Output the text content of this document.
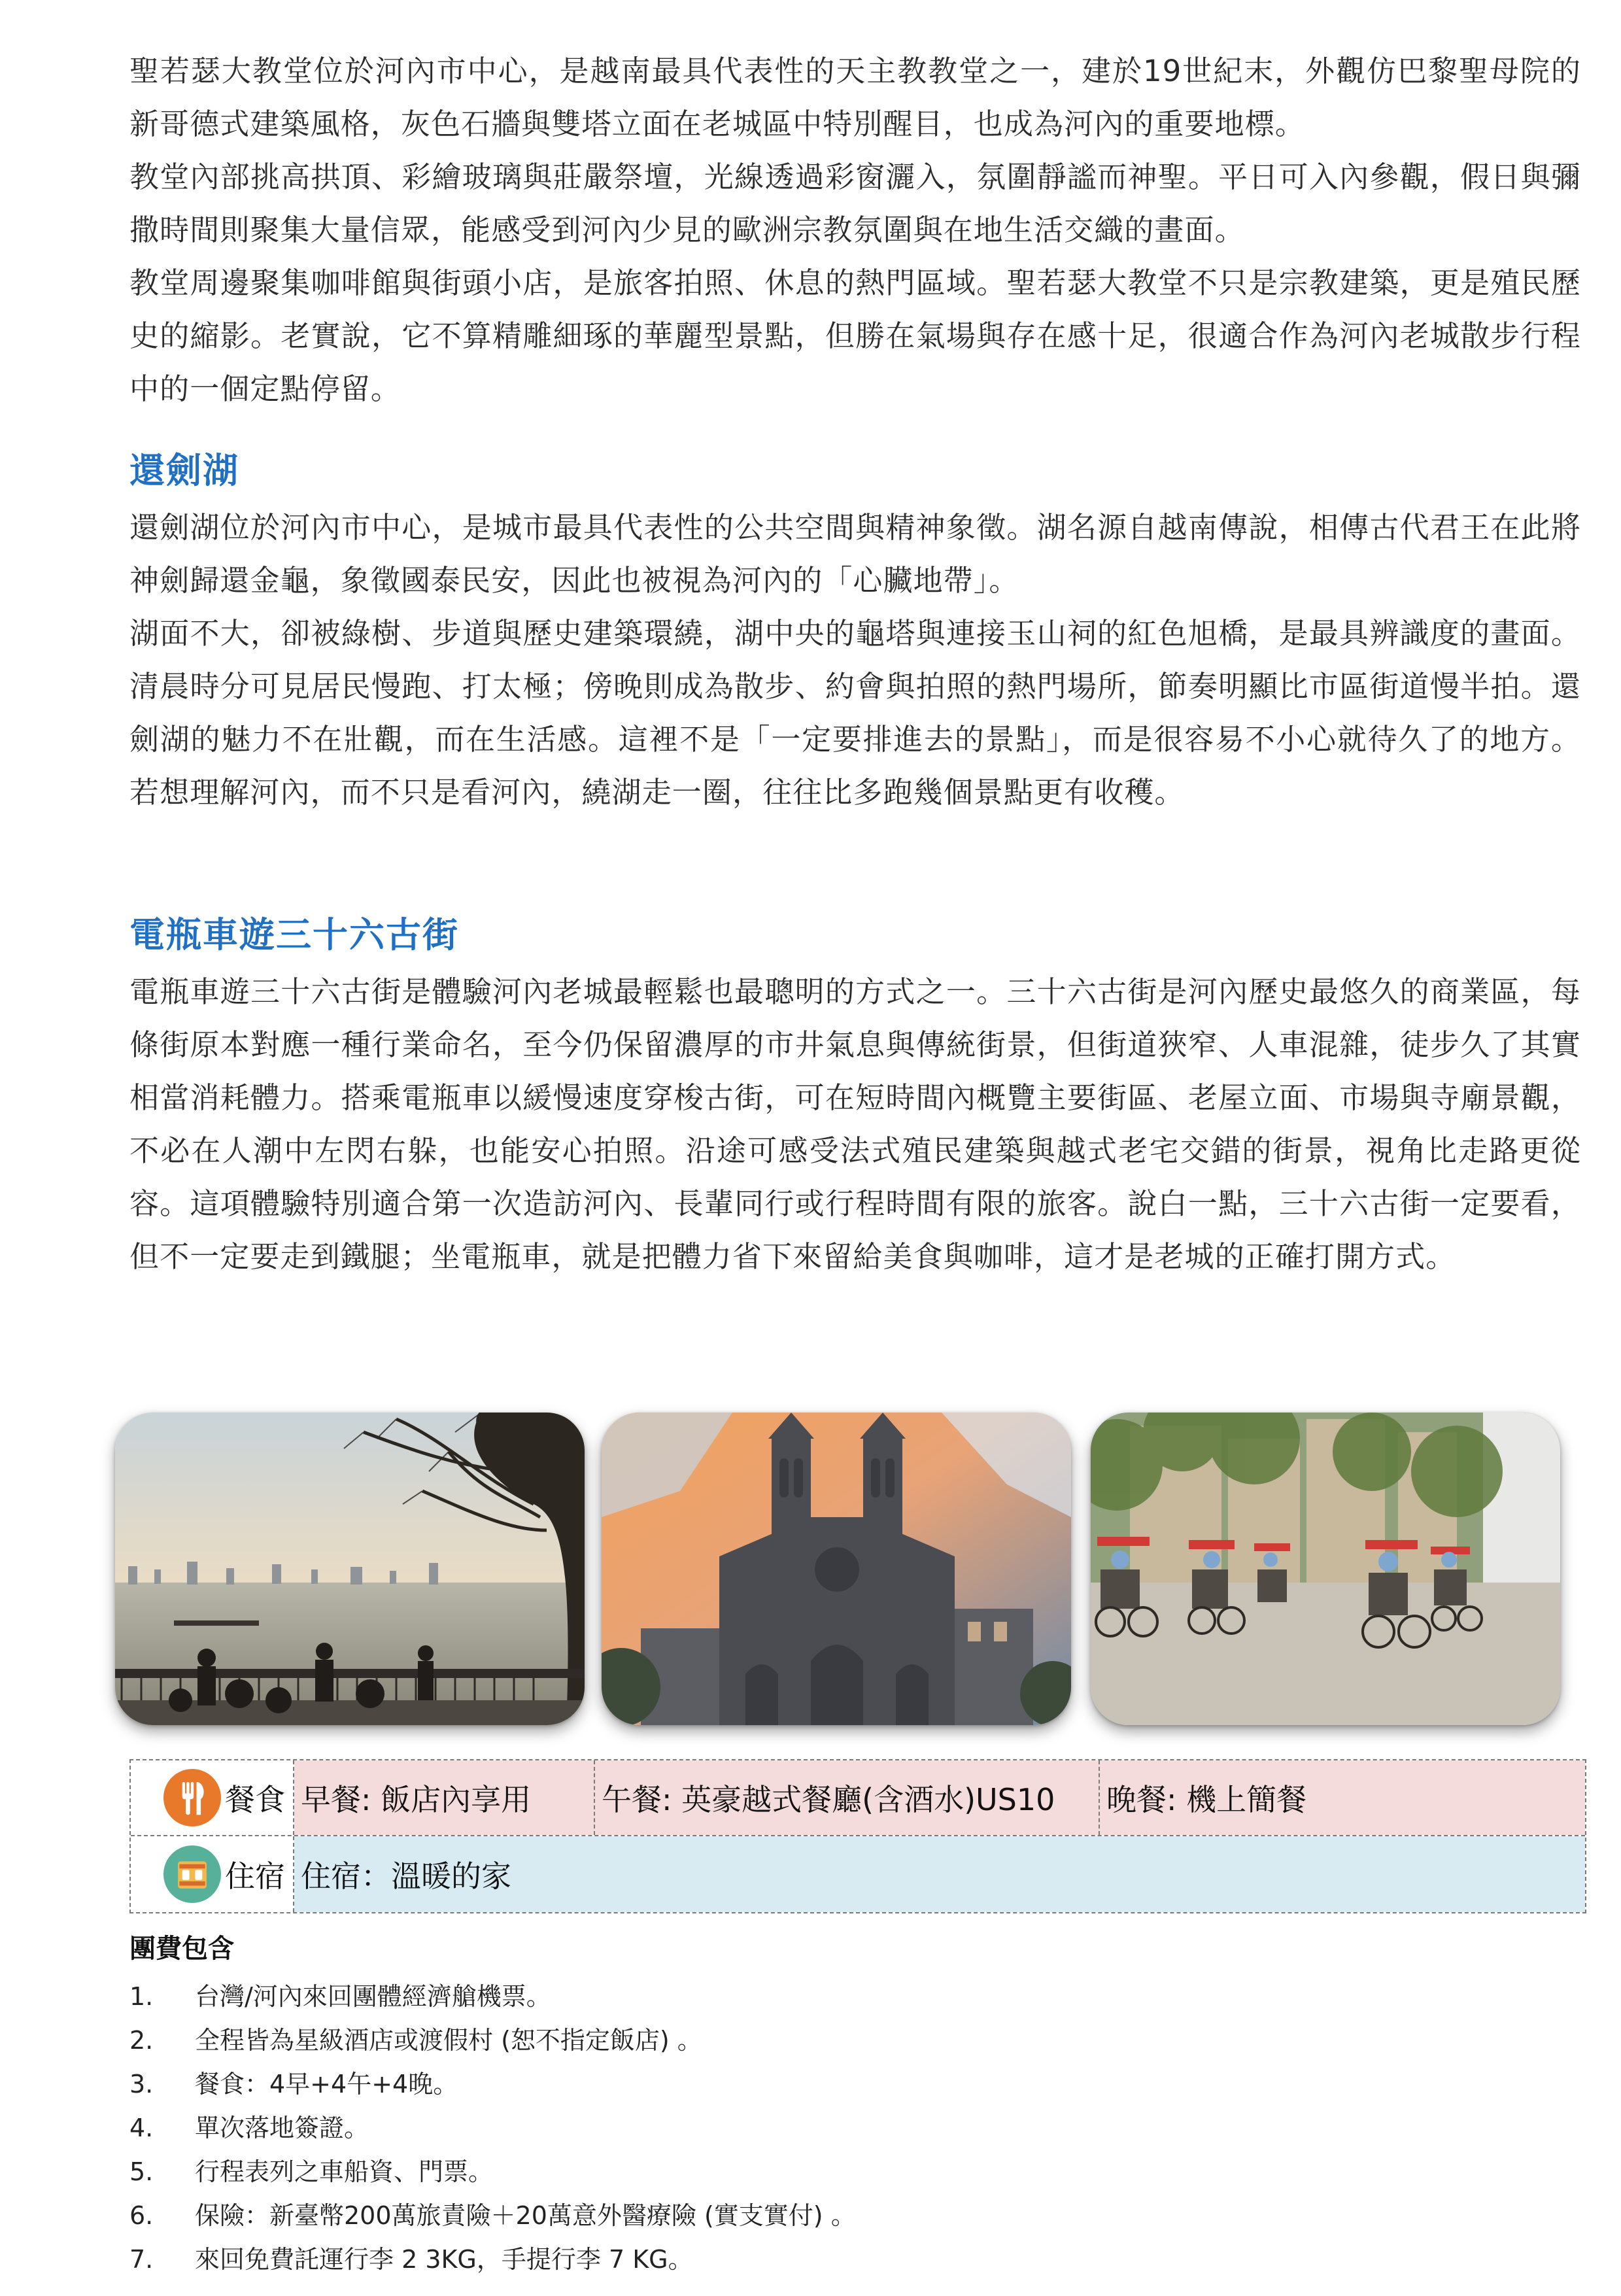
聖若瑟大教堂位於河內市中心，是越南最具代表性的天主教教堂之一，建於19世紀末，外觀仿巴黎聖母院的新哥德式建築風格，灰色石牆與雙塔立面在老城區中特別醒目，也成為河內的重要地標。

教堂內部挑高拱頂、彩繪玻璃與莊嚴祭壇，光線透過彩窗灑入，氛圍靜謐而神聖。平日可入內參觀，假日與彌撒時間則聚集大量信眾，能感受到河內少見的歐洲宗教氛圍與在地生活交織的畫面。

教堂周邊聚集咖啡館與街頭小店，是旅客拍照、休息的熱門區域。聖若瑟大教堂不只是宗教建築，更是殖民歷史的縮影。老實說，它不算精雕細琢的華麗型景點，但勝在氣場與存在感十足，很適合作為河內老城散步行程中的一個定點停留。

還劍湖

還劍湖位於河內市中心，是城市最具代表性的公共空間與精神象徵。湖名源自越南傳說，相傳古代君王在此將神劍歸還金龜，象徵國泰民安，因此也被視為河內的「心臟地帶」。

湖面不大，卻被綠樹、步道與歷史建築環繞，湖中央的龜塔與連接玉山祠的紅色旭橋，是最具辨識度的畫面。清晨時分可見居民慢跑、打太極；傍晚則成為散步、約會與拍照的熱門場所，節奏明顯比市區街道慢半拍。還劍湖的魅力不在壯觀，而在生活感。這裡不是「一定要排進去的景點」，而是很容易不小心就待久了的地方。若想理解河內，而不只是看河內，繞湖走一圈，往往比多跑幾個景點更有收穫。

電瓶車遊三十六古街

電瓶車遊三十六古街是體驗河內老城最輕鬆也最聰明的方式之一。三十六古街是河內歷史最悠久的商業區，每條街原本對應一種行業命名，至今仍保留濃厚的市井氣息與傳統街景，但街道狹窄、人車混雜，徒步久了其實相當消耗體力。搭乘電瓶車以緩慢速度穿梭古街，可在短時間內概覽主要街區、老屋立面、市場與寺廟景觀，不必在人潮中左閃右躲，也能安心拍照。沿途可感受法式殖民建築與越式老宅交錯的街景，視角比走路更從容。這項體驗特別適合第一次造訪河內、長輩同行或行程時間有限的旅客。說白一點，三十六古街一定要看，但不一定要走到鐵腿；坐電瓶車，就是把體力省下來留給美食與咖啡，這才是老城的正確打開方式。

餐食 早餐: 飯店內享用 午餐: 英豪越式餐廳(含酒水)US10 晚餐: 機上簡餐
住宿 住宿：溫暖的家

團費包含

1. 台灣/河內來回團體經濟艙機票。
2. 全程皆為星級酒店或渡假村 (恕不指定飯店) 。
3. 餐食：4早+4午+4晚。
4. 單次落地簽證。
5. 行程表列之車船資、門票。
6. 保險：新臺幣200萬旅責險＋20萬意外醫療險 (實支實付) 。
7. 來回免費託運行李 2 3KG，手提行李 7 KG。
